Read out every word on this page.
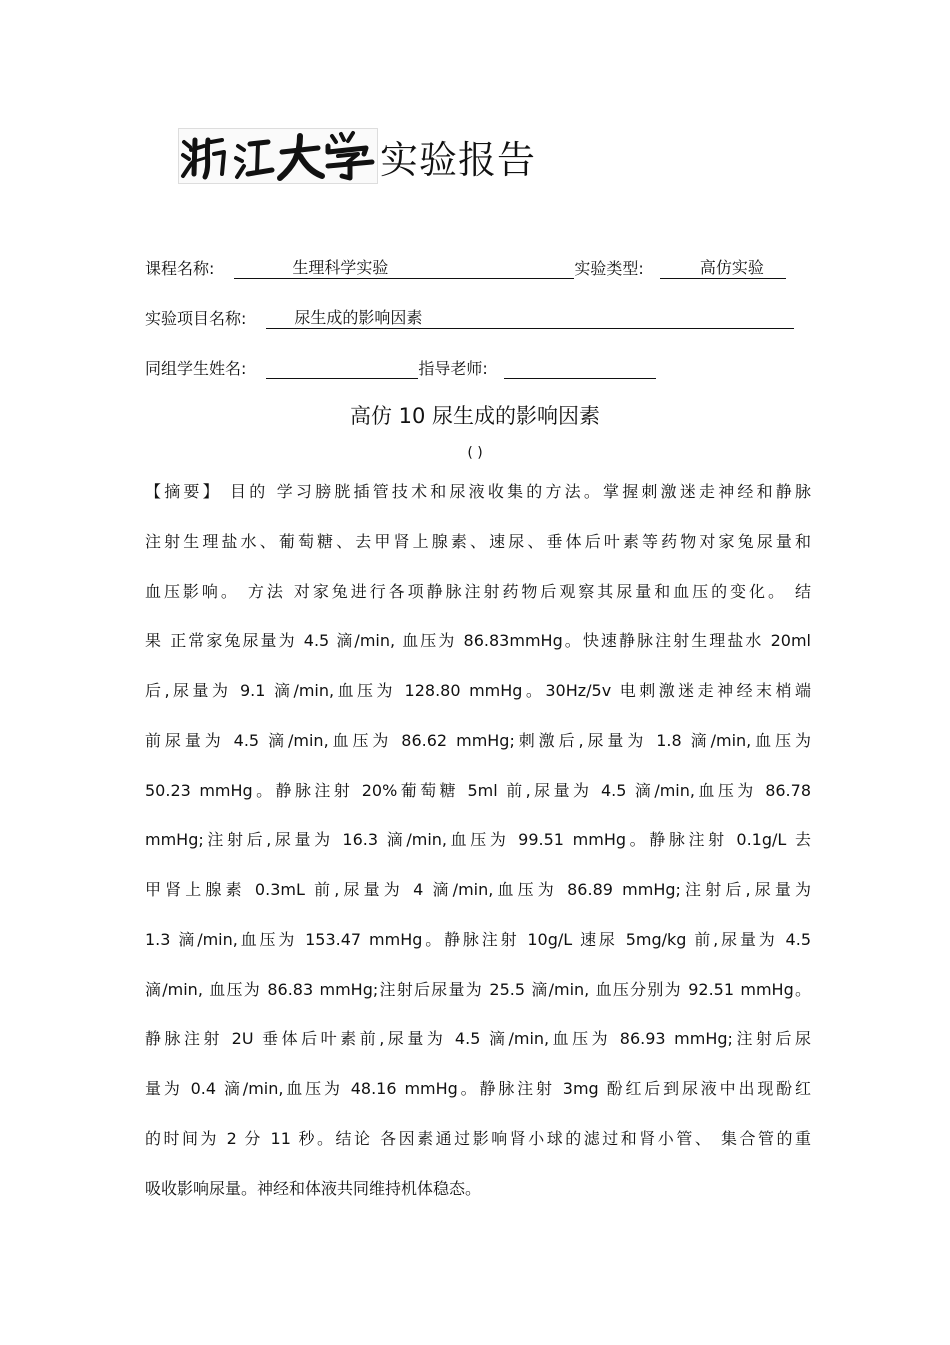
实验报告
课程名称:	生理科学实验	实验类型:	高仿实验
实验项目名称:	尿生成的影响因素
同组学生姓名:	指导老师:
高仿 10 尿生成的影响因素
( )
【摘要】 目的 学习膀胱插管技术和尿液收集的方法。掌握刺激迷走神经和静脉
注射生理盐水、葡萄糖、去甲肾上腺素、速尿、垂体后叶素等药物对家兔尿量和
血压影响。 方法 对家兔进行各项静脉注射药物后观察其尿量和血压的变化。 结
果 正常家兔尿量为 4.5 滴/min, 血压为 86.83mmHg。快速静脉注射生理盐水 20ml
后,尿量为 9.1 滴/min,血压为 128.80 mmHg。30Hz/5v 电刺激迷走神经末梢端
前尿量为 4.5 滴/min,血压为 86.62 mmHg;刺激后,尿量为 1.8 滴/min,血压为
50.23 mmHg。静脉注射 20%葡萄糖 5ml 前,尿量为 4.5 滴/min,血压为 86.78
mmHg;注射后,尿量为 16.3 滴/min,血压为 99.51 mmHg。静脉注射 0.1g/L 去
甲肾上腺素 0.3mL 前,尿量为 4 滴/min,血压为 86.89 mmHg;注射后,尿量为
1.3 滴/min,血压为 153.47 mmHg。静脉注射 10g/L 速尿 5mg/kg 前,尿量为 4.5
滴/min, 血压为 86.83 mmHg;注射后尿量为 25.5 滴/min, 血压分别为 92.51 mmHg。
静脉注射 2U 垂体后叶素前,尿量为 4.5 滴/min,血压为 86.93 mmHg;注射后尿
量为 0.4 滴/min,血压为 48.16 mmHg。静脉注射 3mg 酚红后到尿液中出现酚红
的时间为 2 分 11 秒。结论 各因素通过影响肾小球的滤过和肾小管、 集合管的重
吸收影响尿量。神经和体液共同维持机体稳态。
